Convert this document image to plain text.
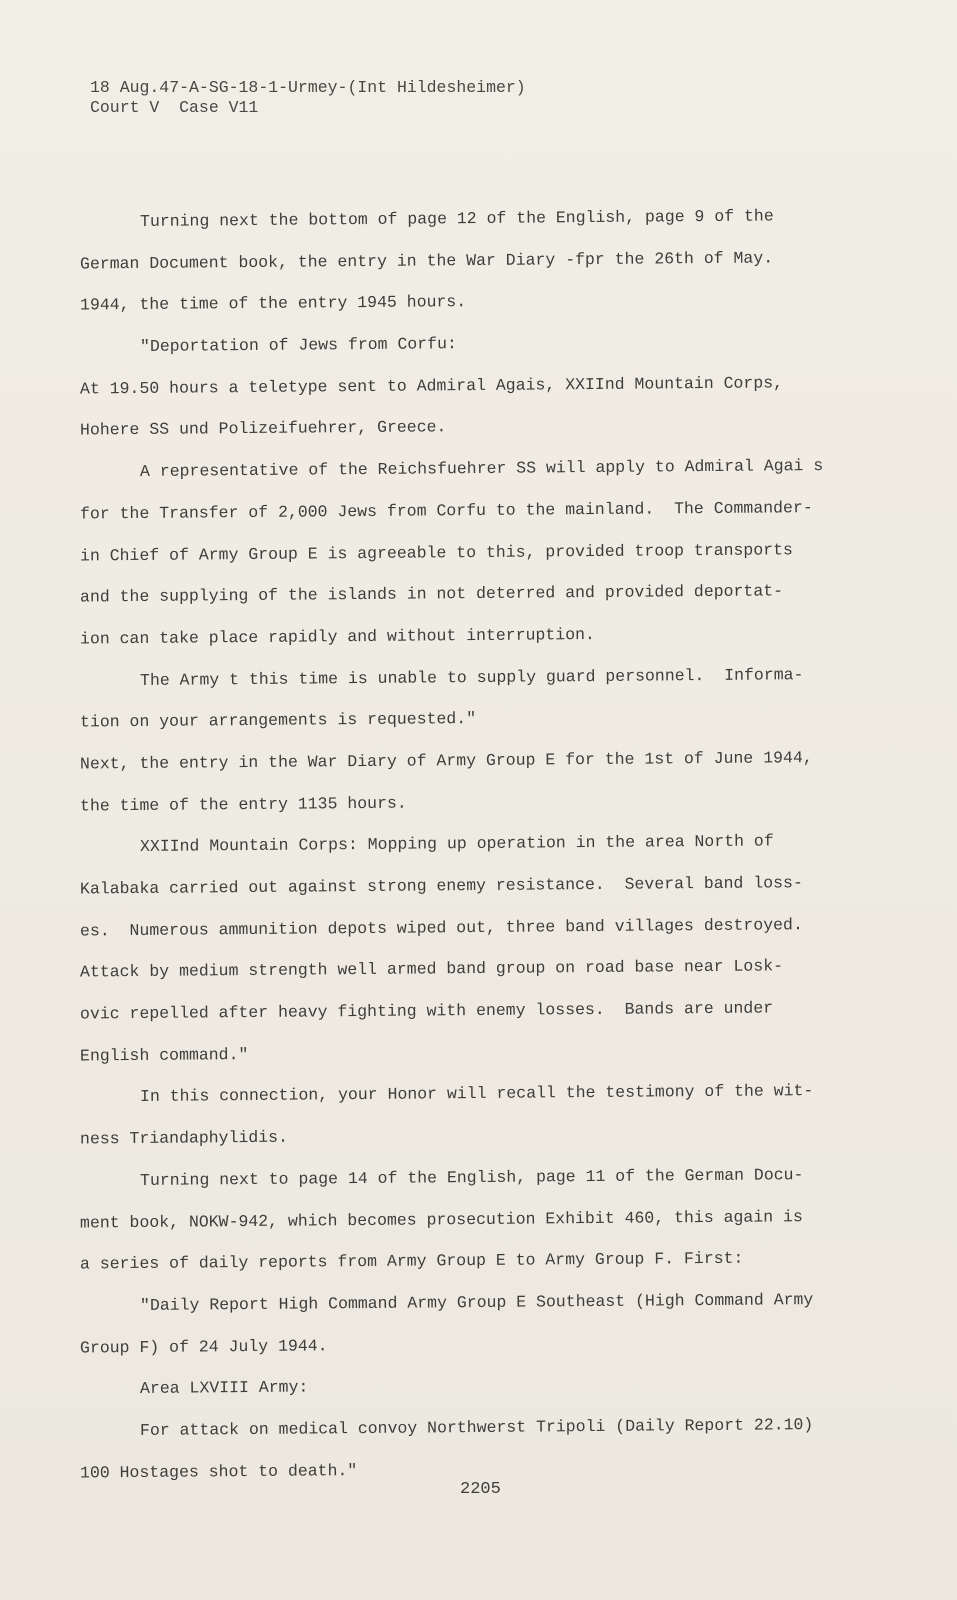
18 Aug.47-A-SG-18-1-Urmey-(Int Hildesheimer)
Court V  Case V11
Turning next the bottom of page 12 of the English, page 9 of the
German Document book, the entry in the War Diary -fpr the 26th of May.
1944, the time of the entry 1945 hours.
"Deportation of Jews from Corfu:
At 19.50 hours a teletype sent to Admiral Agais, XXIInd Mountain Corps,
Hohere SS und Polizeifuehrer, Greece.
A representative of the Reichsfuehrer SS will apply to Admiral Agai s
for the Transfer of 2,000 Jews from Corfu to the mainland.  The Commander-
in Chief of Army Group E is agreeable to this, provided troop transports
and the supplying of the islands in not deterred and provided deportat-
ion can take place rapidly and without interruption.
The Army t this time is unable to supply guard personnel.  Informa-
tion on your arrangements is requested."
Next, the entry in the War Diary of Army Group E for the 1st of June 1944,
the time of the entry 1135 hours.
XXIInd Mountain Corps: Mopping up operation in the area North of
Kalabaka carried out against strong enemy resistance.  Several band loss-
es.  Numerous ammunition depots wiped out, three band villages destroyed.
Attack by medium strength well armed band group on road base near Losk-
ovic repelled after heavy fighting with enemy losses.  Bands are under
English command."
In this connection, your Honor will recall the testimony of the wit-
ness Triandaphylidis.
Turning next to page 14 of the English, page 11 of the German Docu-
ment book, NOKW-942, which becomes prosecution Exhibit 460, this again is
a series of daily reports from Army Group E to Army Group F. First:
"Daily Report High Command Army Group E Southeast (High Command Army
Group F) of 24 July 1944.
Area LXVIII Army:
For attack on medical convoy Northwerst Tripoli (Daily Report 22.10)
100 Hostages shot to death."
2205
